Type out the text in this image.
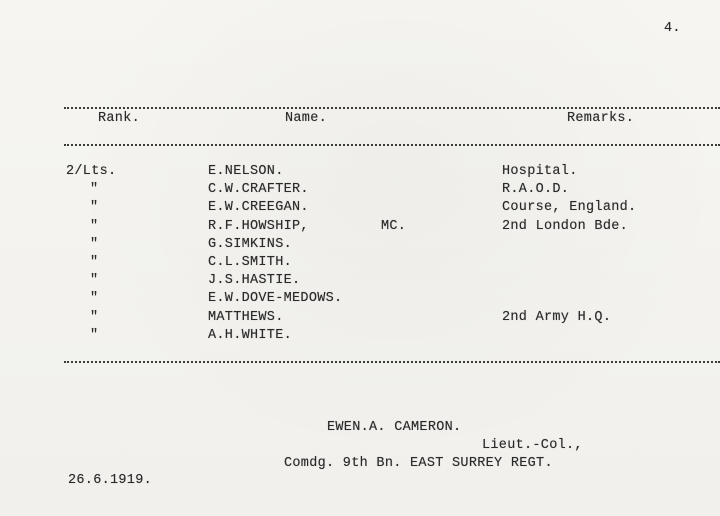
4.
Rank.	Name.	Remarks.
2/Lts.	E.NELSON.	Hospital.
"	C.W.CRAFTER.	R.A.O.D.
"	E.W.CREEGAN.	Course, England.
"	R.F.HOWSHIP,	MC.	2nd London Bde.
"	G.SIMKINS.
"	C.L.SMITH.
"	J.S.HASTIE.
"	E.W.DOVE-MEDOWS.
"	MATTHEWS.	2nd Army H.Q.
"	A.H.WHITE.
EWEN.A. CAMERON.
Lieut.-Col.,
Comdg. 9th Bn. EAST SURREY REGT.
26.6.1919.
